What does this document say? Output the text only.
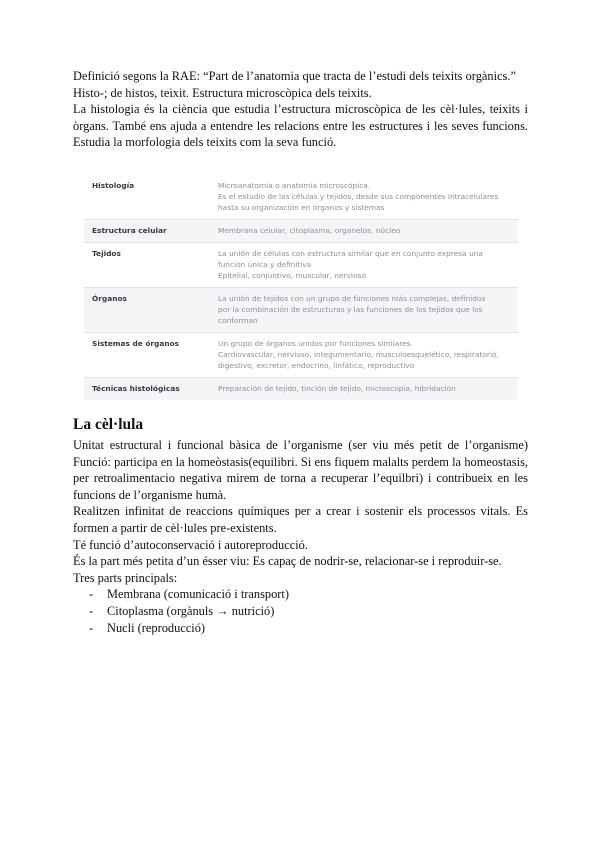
Definició segons la RAE: “Part de l’anatomia que tracta de l’estudi dels teixits orgànics.”

Histo-; de histos, teixit. Estructura microscòpica dels teixits.

La histologia és la ciència que estudia l’estructura microscòpica de les cèl·lules, teixits i òrgans. També ens ajuda a entendre les relacions entre les estructures i les seves funcions. Estudia la morfologia dels teixits com la seva funció.

Histología	Microanatomía o anatomía microscópica.
Es el estudio de las células y tejidos, desde sus componentes intracelulares
hasta su organización en órganos y sistemas

Estructura celular	Membrana celular, citoplasma, organelos, núcleo

Tejidos	La unión de células con estructura similar que en conjunto expresa una
función única y definitiva
Epitelial, conjuntivo, muscular, nervioso

Órganos	La unión de tejidos con un grupo de funciones más complejas, definidos
por la combinación de estructuras y las funciones de los tejidos que los
conforman

Sistemas de órganos	Un grupo de órganos unidos por funciones similares.
Cardiovascular, nervioso, integumentario, musculoesquelético, respiratorio,
digestivo, excretor, endocrino, linfático, reproductivo

Técnicas histológicas	Preparación de tejido, tinción de tejido, microscopía, hibridación
La cèl·lula

Unitat estructural i funcional bàsica de l’organisme (ser viu més petit de l’organisme) Funció: participa en la homeòstasis(equilibri. Si ens fiquem malalts perdem la homeostasis, per retroalimentacio negativa mirem de torna a recuperar l’equilbri) i contribueix en les funcions de l’organisme humà.

Realitzen infinitat de reaccions químiques per a crear i sostenir els processos vitals. Es formen a partir de cèl·lules pre-existents.

Té funció d’autoconservació i autoreproducció.

És la part més petita d’un ésser viu: Es capaç de nodrir-se, relacionar-se i reproduir-se.

Tres parts principals:

-	Membrana (comunicació i transport)
-	Citoplasma (orgànuls → nutrició)
-	Nucli (reproducció)
